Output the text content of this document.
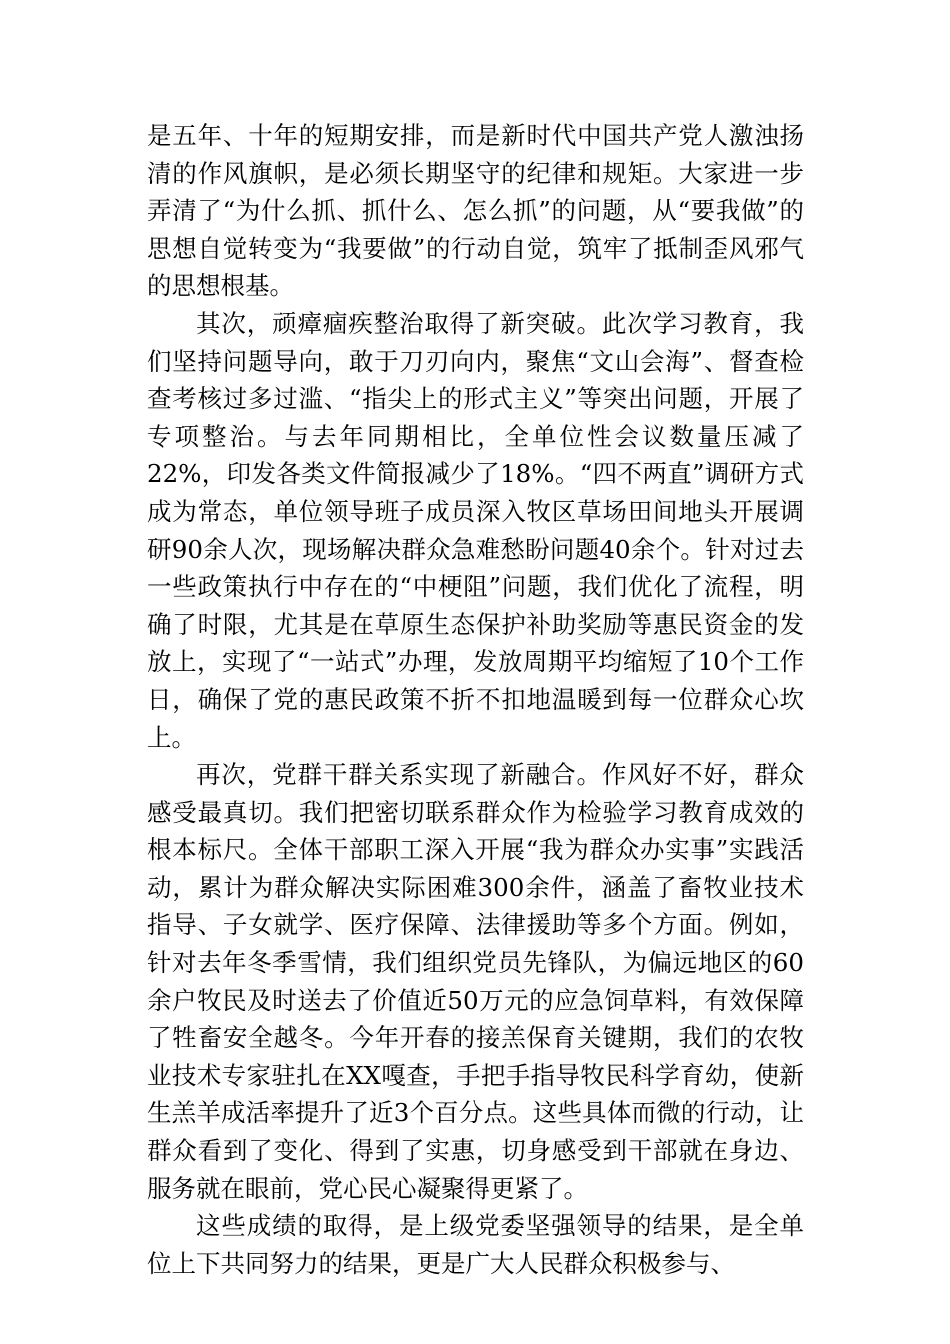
是五年、十年的短期安排，而是新时代中国共产党人激浊扬清的作风旗帜，是必须长期坚守的纪律和规矩。大家进一步弄清了“为什么抓、抓什么、怎么抓”的问题，从“要我做”的思想自觉转变为“我要做”的行动自觉，筑牢了抵制歪风邪气的思想根基。

其次，顽瘴痼疾整治取得了新突破。此次学习教育，我们坚持问题导向，敢于刀刃向内，聚焦“文山会海”、督查检查考核过多过滥、“指尖上的形式主义”等突出问题，开展了专项整治。与去年同期相比，全单位性会议数量压减了22%，印发各类文件简报减少了18%。“四不两直”调研方式成为常态，单位领导班子成员深入牧区草场田间地头开展调研90余人次，现场解决群众急难愁盼问题40余个。针对过去一些政策执行中存在的“中梗阻”问题，我们优化了流程，明确了时限，尤其是在草原生态保护补助奖励等惠民资金的发放上，实现了“一站式”办理，发放周期平均缩短了10个工作日，确保了党的惠民政策不折不扣地温暖到每一位群众心坎上。

再次，党群干群关系实现了新融合。作风好不好，群众感受最真切。我们把密切联系群众作为检验学习教育成效的根本标尺。全体干部职工深入开展“我为群众办实事”实践活动，累计为群众解决实际困难300余件，涵盖了畜牧业技术指导、子女就学、医疗保障、法律援助等多个方面。例如，针对去年冬季雪情，我们组织党员先锋队，为偏远地区的60余户牧民及时送去了价值近50万元的应急饲草料，有效保障了牲畜安全越冬。今年开春的接羔保育关键期，我们的农牧业技术专家驻扎在XX嘎查，手把手指导牧民科学育幼，使新生羔羊成活率提升了近3个百分点。这些具体而微的行动，让群众看到了变化、得到了实惠，切身感受到干部就在身边、服务就在眼前，党心民心凝聚得更紧了。

这些成绩的取得，是上级党委坚强领导的结果，是全单位上下共同努力的结果，更是广大人民群众积极参与、
